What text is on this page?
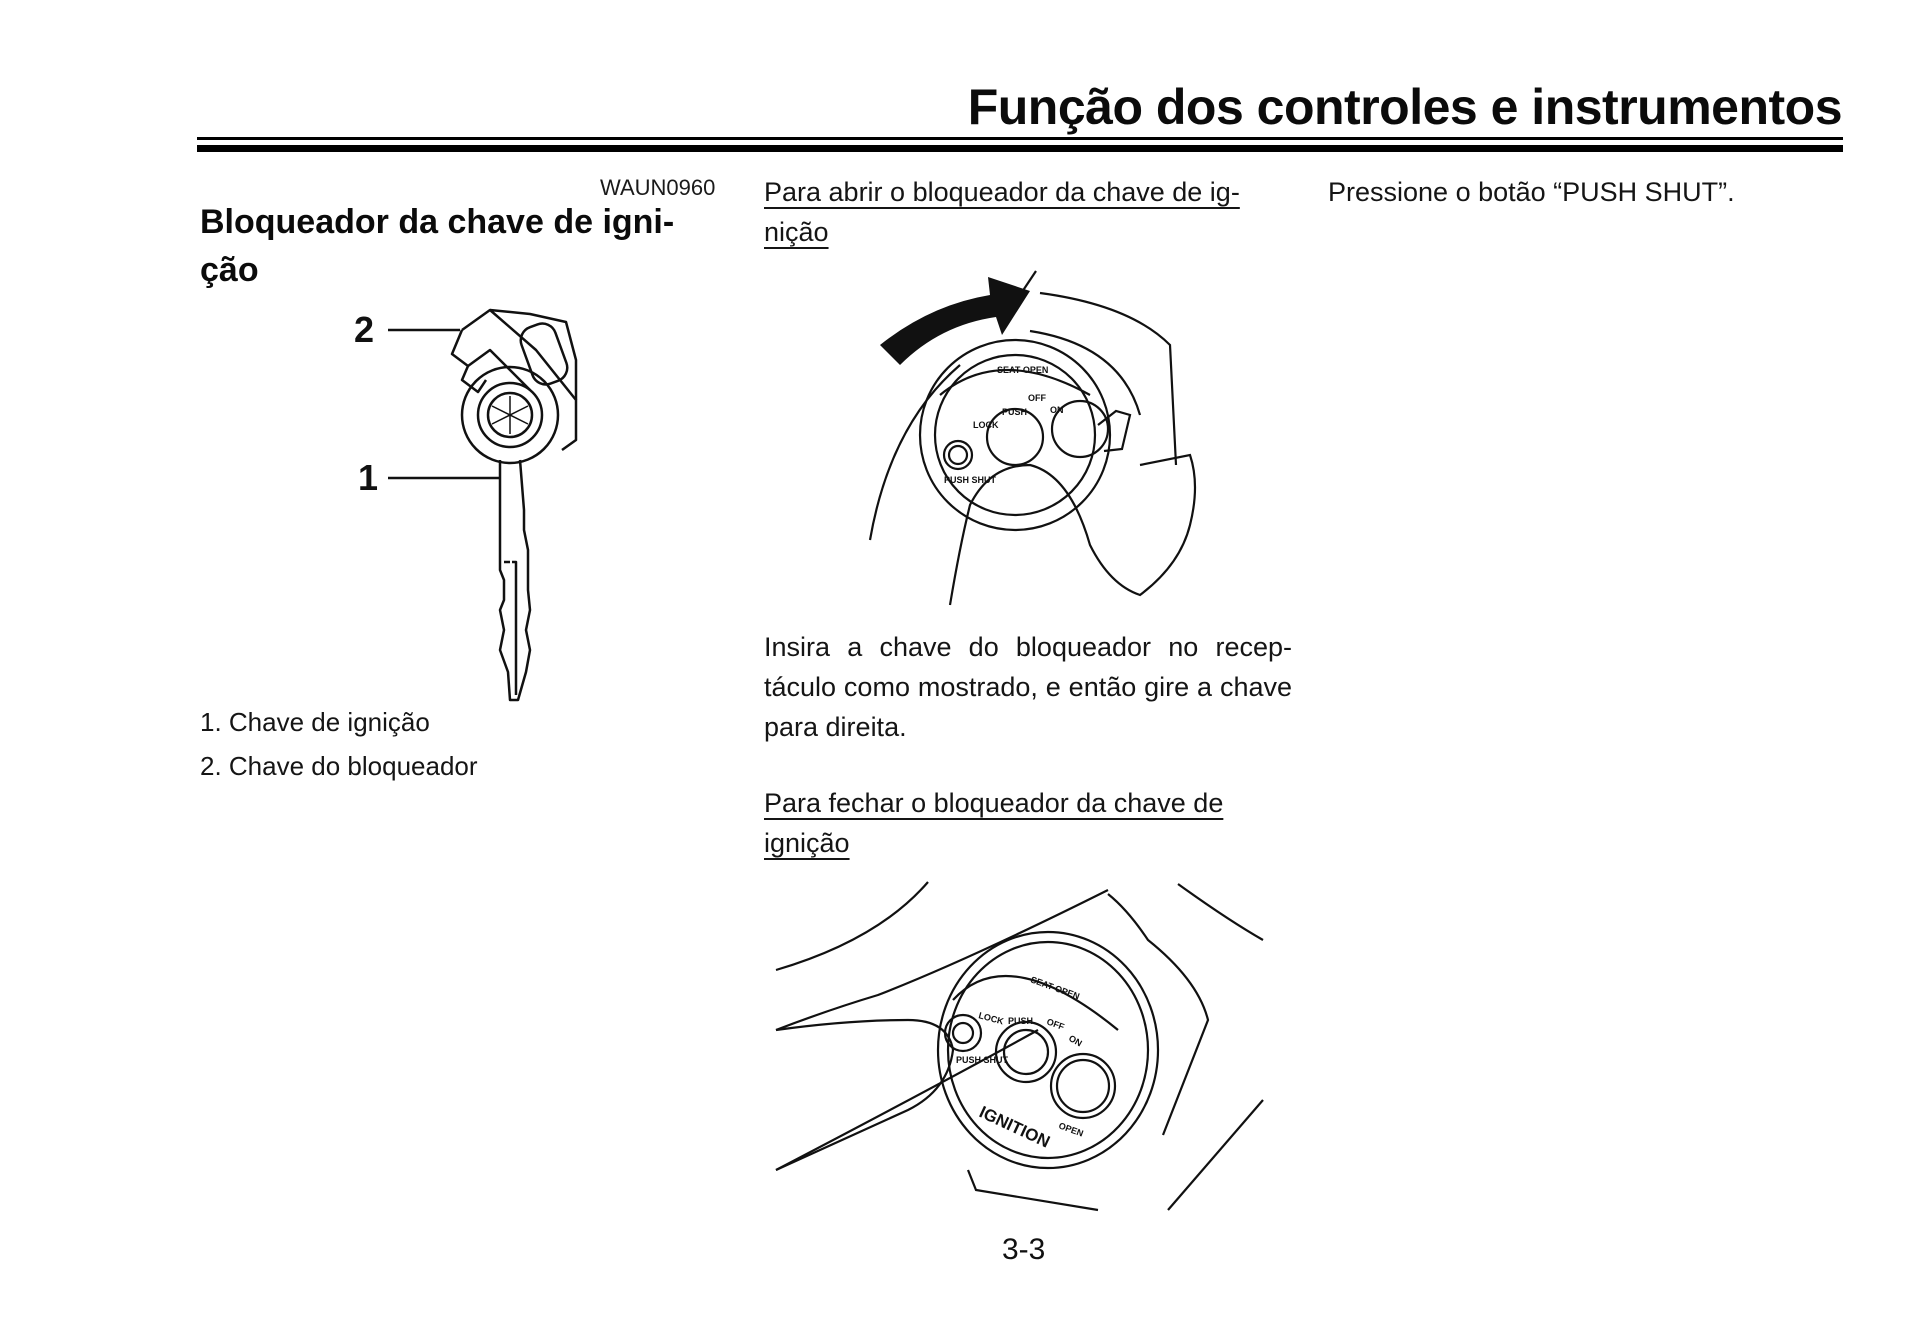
Função dos controles e instrumentos
WAUN0960
Bloqueador da chave de igni- ção
2
1
1. Chave de ignição
2. Chave do bloqueador
Para abrir o bloqueador da chave de ig- nição
SEAT OPEN
LOCK
PUSH
OFF
ON
PUSH SHUT
Insira a chave do bloqueador no recep- táculo como mostrado, e então gire a chave para direita.
Para fechar o bloqueador da chave de ignição
SEAT OPEN
LOCK PUSH OFF
ON
PUSH SHUT
IGNITION OPEN
Pressione o botão “PUSH SHUT”.
3-3
